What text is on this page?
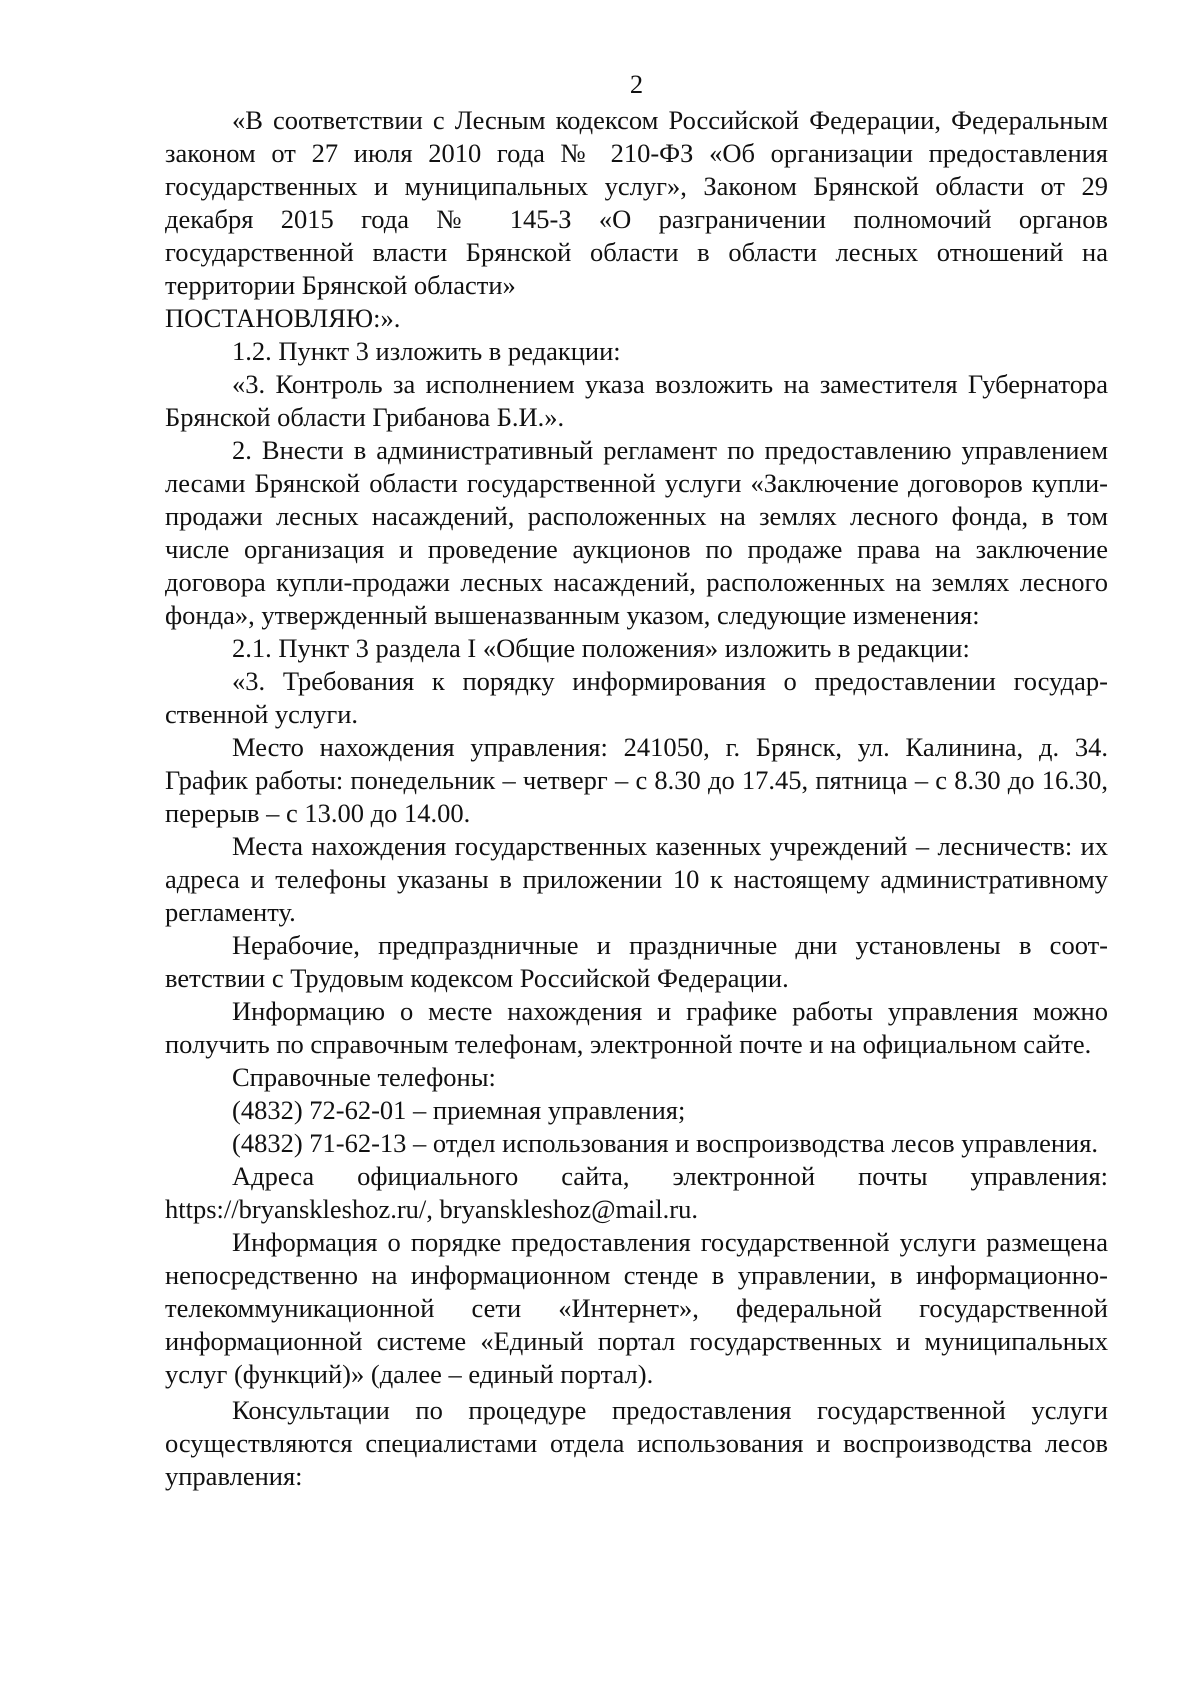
2

«В соответствии с Лесным кодексом Российской Федерации, Федеральным законом от 27 июля 2010 года № 210-ФЗ «Об организации предоставления государственных и муниципальных услуг», Законом Брянской области от 29 декабря 2015 года № 145-З «О разграничении полномочий органов государственной власти Брянской области в области лесных отношений на территории Брянской области»

ПОСТАНОВЛЯЮ:».

1.2. Пункт 3 изложить в редакции:

«3. Контроль за исполнением указа возложить на заместителя Губернатора Брянской области Грибанова Б.И.».

2. Внести в административный регламент по предоставлению управлением лесами Брянской области государственной услуги «Заключение договоров купли-продажи лесных насаждений, расположенных на землях лесного фонда, в том числе организация и проведение аукционов по продаже права на заключение договора купли-продажи лесных насаждений, расположенных на землях лесного фонда», утвержденный вышеназванным указом, следующие изменения:

2.1. Пункт 3 раздела I «Общие положения» изложить в редакции:

«3. Требования к порядку информирования о предоставлении государственной услуги.

Место нахождения управления: 241050, г. Брянск, ул. Калинина, д. 34. График работы: понедельник – четверг – с 8.30 до 17.45, пятница – с 8.30 до 16.30, перерыв – с 13.00 до 14.00.

Места нахождения государственных казенных учреждений – лесничеств: их адреса и телефоны указаны в приложении 10 к настоящему административному регламенту.

Нерабочие, предпраздничные и праздничные дни установлены в соответствии с Трудовым кодексом Российской Федерации.

Информацию о месте нахождения и графике работы управления можно получить по справочным телефонам, электронной почте и на официальном сайте.

Справочные телефоны:

(4832) 72-62-01 – приемная управления;

(4832) 71-62-13 – отдел использования и воспроизводства лесов управления.

Адреса официального сайта, электронной почты управления: https://bryanskleshoz.ru/, bryanskleshoz@mail.ru.

Информация о порядке предоставления государственной услуги размещена непосредственно на информационном стенде в управлении, в информационно-телекоммуникационной сети «Интернет», федеральной государственной информационной системе «Единый портал государственных и муниципальных услуг (функций)» (далее – единый портал).

Консультации по процедуре предоставления государственной услуги осуществляются специалистами отдела использования и воспроизводства лесов управления:
